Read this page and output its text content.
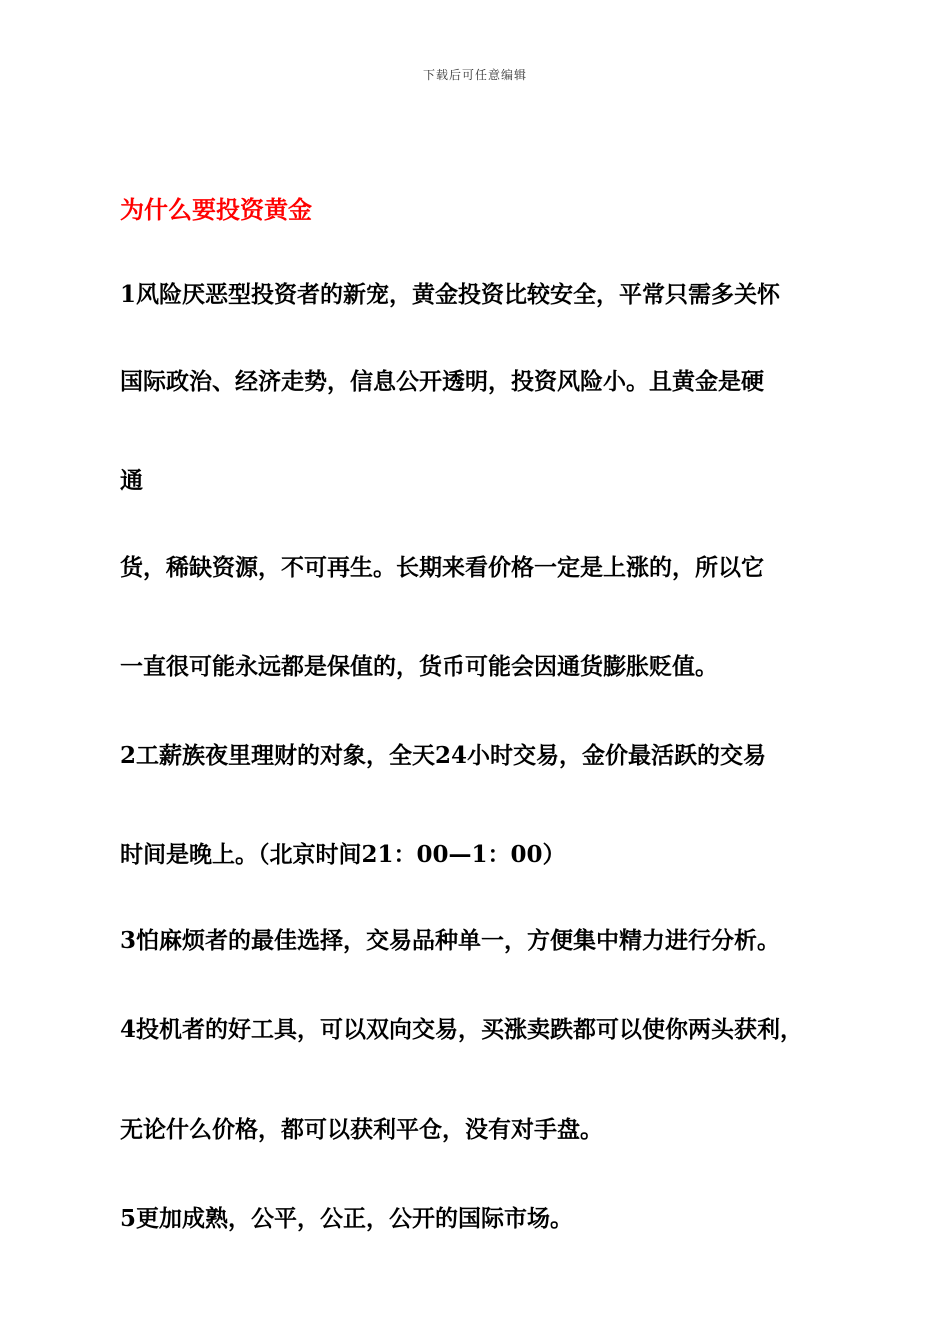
下载后可任意编辑
为什么要投资黄金
1风险厌恶型投资者的新宠，黄金投资比较安全，平常只需多关怀
国际政治、经济走势，信息公开透明，投资风险小。且黄金是硬
通
货，稀缺资源，不可再生。长期来看价格一定是上涨的，所以它
一直很可能永远都是保值的，货币可能会因通货膨胀贬值。
2工薪族夜里理财的对象，全天24小时交易，金价最活跃的交易
时间是晚上。（北京时间21：00—1：00）
3怕麻烦者的最佳选择，交易品种单一，方便集中精力进行分析。
4投机者的好工具，可以双向交易，买涨卖跌都可以使你两头获利，
无论什么价格，都可以获利平仓，没有对手盘。
5更加成熟，公平，公正，公开的国际市场。
